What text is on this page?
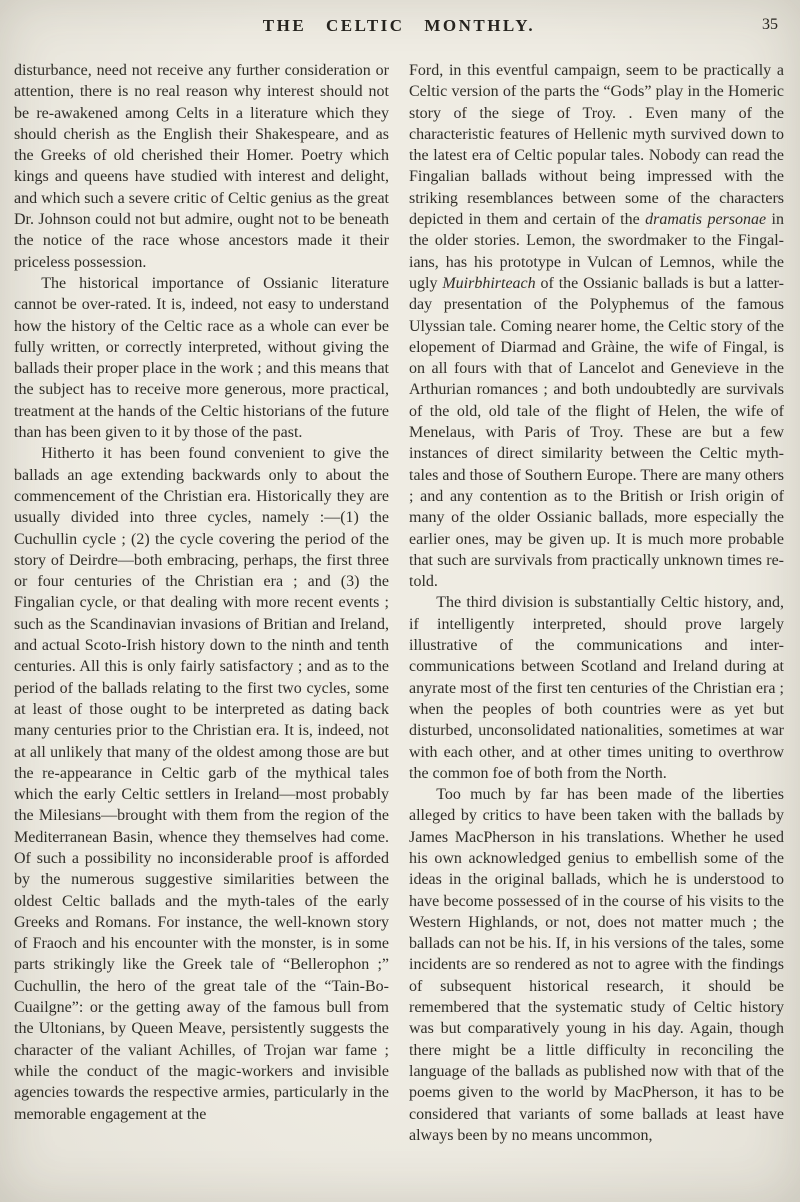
THE CELTIC MONTHLY.	35

disturbance, need not receive any further consideration or attention, there is no real reason why interest should not be re-awakened among Celts in a literature which they should cherish as the English their Shakespeare, and as the Greeks of old cherished their Homer. Poetry which kings and queens have studied with interest and delight, and which such a severe critic of Celtic genius as the great Dr. Johnson could not but admire, ought not to be beneath the notice of the race whose ancestors made it their priceless possession.

The historical importance of Ossianic literature cannot be over-rated. It is, indeed, not easy to understand how the history of the Celtic race as a whole can ever be fully written, or correctly interpreted, without giving the ballads their proper place in the work ; and this means that the subject has to receive more generous, more practical, treatment at the hands of the Celtic historians of the future than has been given to it by those of the past.

Hitherto it has been found convenient to give the ballads an age extending backwards only to about the commencement of the Christian era. Historically they are usually divided into three cycles, namely :—(1) the Cuchullin cycle ; (2) the cycle covering the period of the story of Deirdre—both embracing, perhaps, the first three or four centuries of the Christian era ; and (3) the Fingalian cycle, or that dealing with more recent events ; such as the Scandinavian invasions of Britian and Ireland, and actual Scoto-Irish history down to the ninth and tenth centuries. All this is only fairly satisfactory ; and as to the period of the ballads relating to the first two cycles, some at least of those ought to be interpreted as dating back many centuries prior to the Christian era. It is, indeed, not at all unlikely that many of the oldest among those are but the re-appearance in Celtic garb of the mythical tales which the early Celtic settlers in Ireland—most probably the Milesians—brought with them from the region of the Mediterranean Basin, whence they themselves had come. Of such a possibility no inconsiderable proof is afforded by the numerous suggestive similarities between the oldest Celtic ballads and the myth-tales of the early Greeks and Romans. For instance, the well-known story of Fraoch and his encounter with the monster, is in some parts strikingly like the Greek tale of “Bellerophon ;” Cuchullin, the hero of the great tale of the “Tain-Bo-Cuailgne”: or the getting away of the famous bull from the Ultonians, by Queen Meave, persistently suggests the character of the valiant Achilles, of Trojan war fame ; while the conduct of the magic-workers and invisible agencies towards the respective armies, particularly in the memorable engagement at the

Ford, in this eventful campaign, seem to be practically a Celtic version of the parts the “Gods” play in the Homeric story of the siege of Troy. . Even many of the characteristic features of Hellenic myth survived down to the latest era of Celtic popular tales. Nobody can read the Fingalian ballads without being impressed with the striking resemblances between some of the characters depicted in them and certain of the dramatis personae in the older stories. Lemon, the swordmaker to the Fingalians, has his prototype in Vulcan of Lemnos, while the ugly Muirbhirteach of the Ossianic ballads is but a latter-day presentation of the Polyphemus of the famous Ulyssian tale. Coming nearer home, the Celtic story of the elopement of Diarmad and Gràine, the wife of Fingal, is on all fours with that of Lancelot and Genevieve in the Arthurian romances ; and both undoubtedly are survivals of the old, old tale of the flight of Helen, the wife of Menelaus, with Paris of Troy. These are but a few instances of direct similarity between the Celtic myth-tales and those of Southern Europe. There are many others ; and any contention as to the British or Irish origin of many of the older Ossianic ballads, more especially the earlier ones, may be given up. It is much more probable that such are survivals from practically unknown times re-told.

The third division is substantially Celtic history, and, if intelligently interpreted, should prove largely illustrative of the communications and inter-communications between Scotland and Ireland during at anyrate most of the first ten centuries of the Christian era ; when the peoples of both countries were as yet but disturbed, unconsolidated nationalities, sometimes at war with each other, and at other times uniting to overthrow the common foe of both from the North.

Too much by far has been made of the liberties alleged by critics to have been taken with the ballads by James MacPherson in his translations. Whether he used his own acknowledged genius to embellish some of the ideas in the original ballads, which he is understood to have become possessed of in the course of his visits to the Western Highlands, or not, does not matter much ; the ballads can not be his. If, in his versions of the tales, some incidents are so rendered as not to agree with the findings of subsequent historical research, it should be remembered that the systematic study of Celtic history was but comparatively young in his day. Again, though there might be a little difficulty in reconciling the language of the ballads as published now with that of the poems given to the world by MacPherson, it has to be considered that variants of some ballads at least have always been by no means uncommon,
